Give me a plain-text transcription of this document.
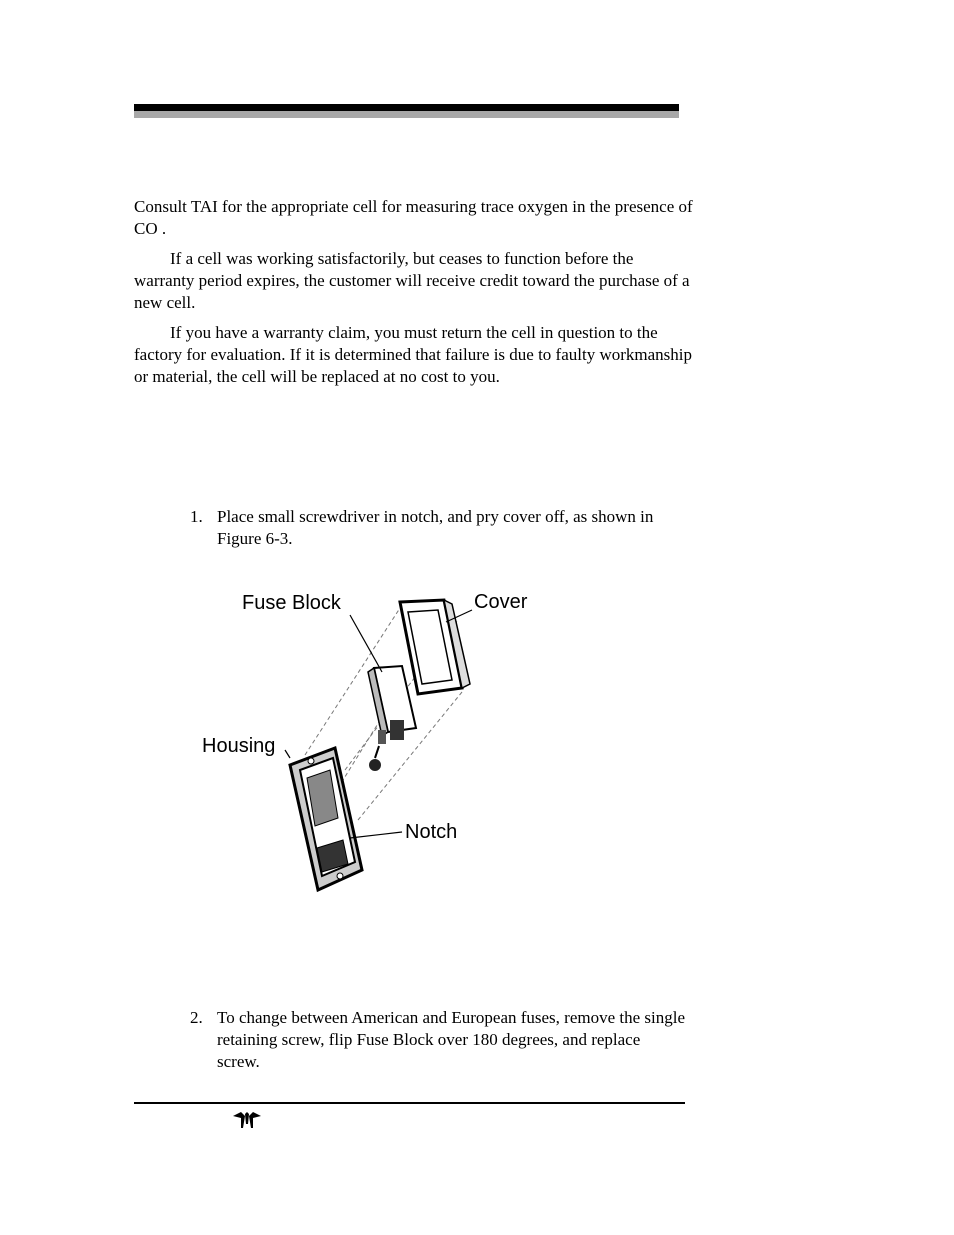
Consult TAI for the appropriate cell for measuring trace oxygen in the presence of CO .
If a cell was working satisfactorily, but ceases to function before the warranty period expires, the customer will receive credit toward the purchase of a new cell.
If you have a warranty claim, you must return the cell in question to the factory for evaluation. If it is determined that failure is due to faulty workmanship or material, the cell will be replaced at no cost to you.
1. Place small screwdriver in notch, and pry cover off, as shown in Figure 6-3.
Fuse Block	Cover
Housing
Notch
2. To change between American and European fuses, remove the single retaining screw, flip Fuse Block over 180 degrees, and replace screw.
